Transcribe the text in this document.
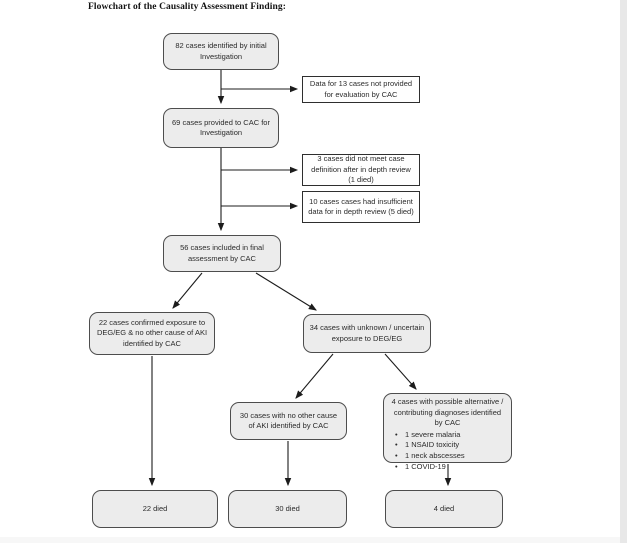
Flowchart of the Causality Assessment Finding:
82 cases identified by initial Investigation
Data for 13 cases not provided for evaluation by CAC
69 cases provided to CAC for Investigation
3 cases did not meet case definition after in depth review (1 died)
10 cases cases had insufficient data for in depth review (5 died)
56 cases included in final assessment by CAC
22 cases confirmed exposure to DEG/EG & no other cause of AKI identified by CAC
34 cases with unknown / uncertain exposure to DEG/EG
30 cases with no other cause of AKI identified by CAC
4 cases with possible alternative / contributing diagnoses identified by CAC
• 1 severe malaria
• 1 NSAID toxicity
• 1 neck abscesses
• 1 COVID-19
22 died	30 died	4 died
